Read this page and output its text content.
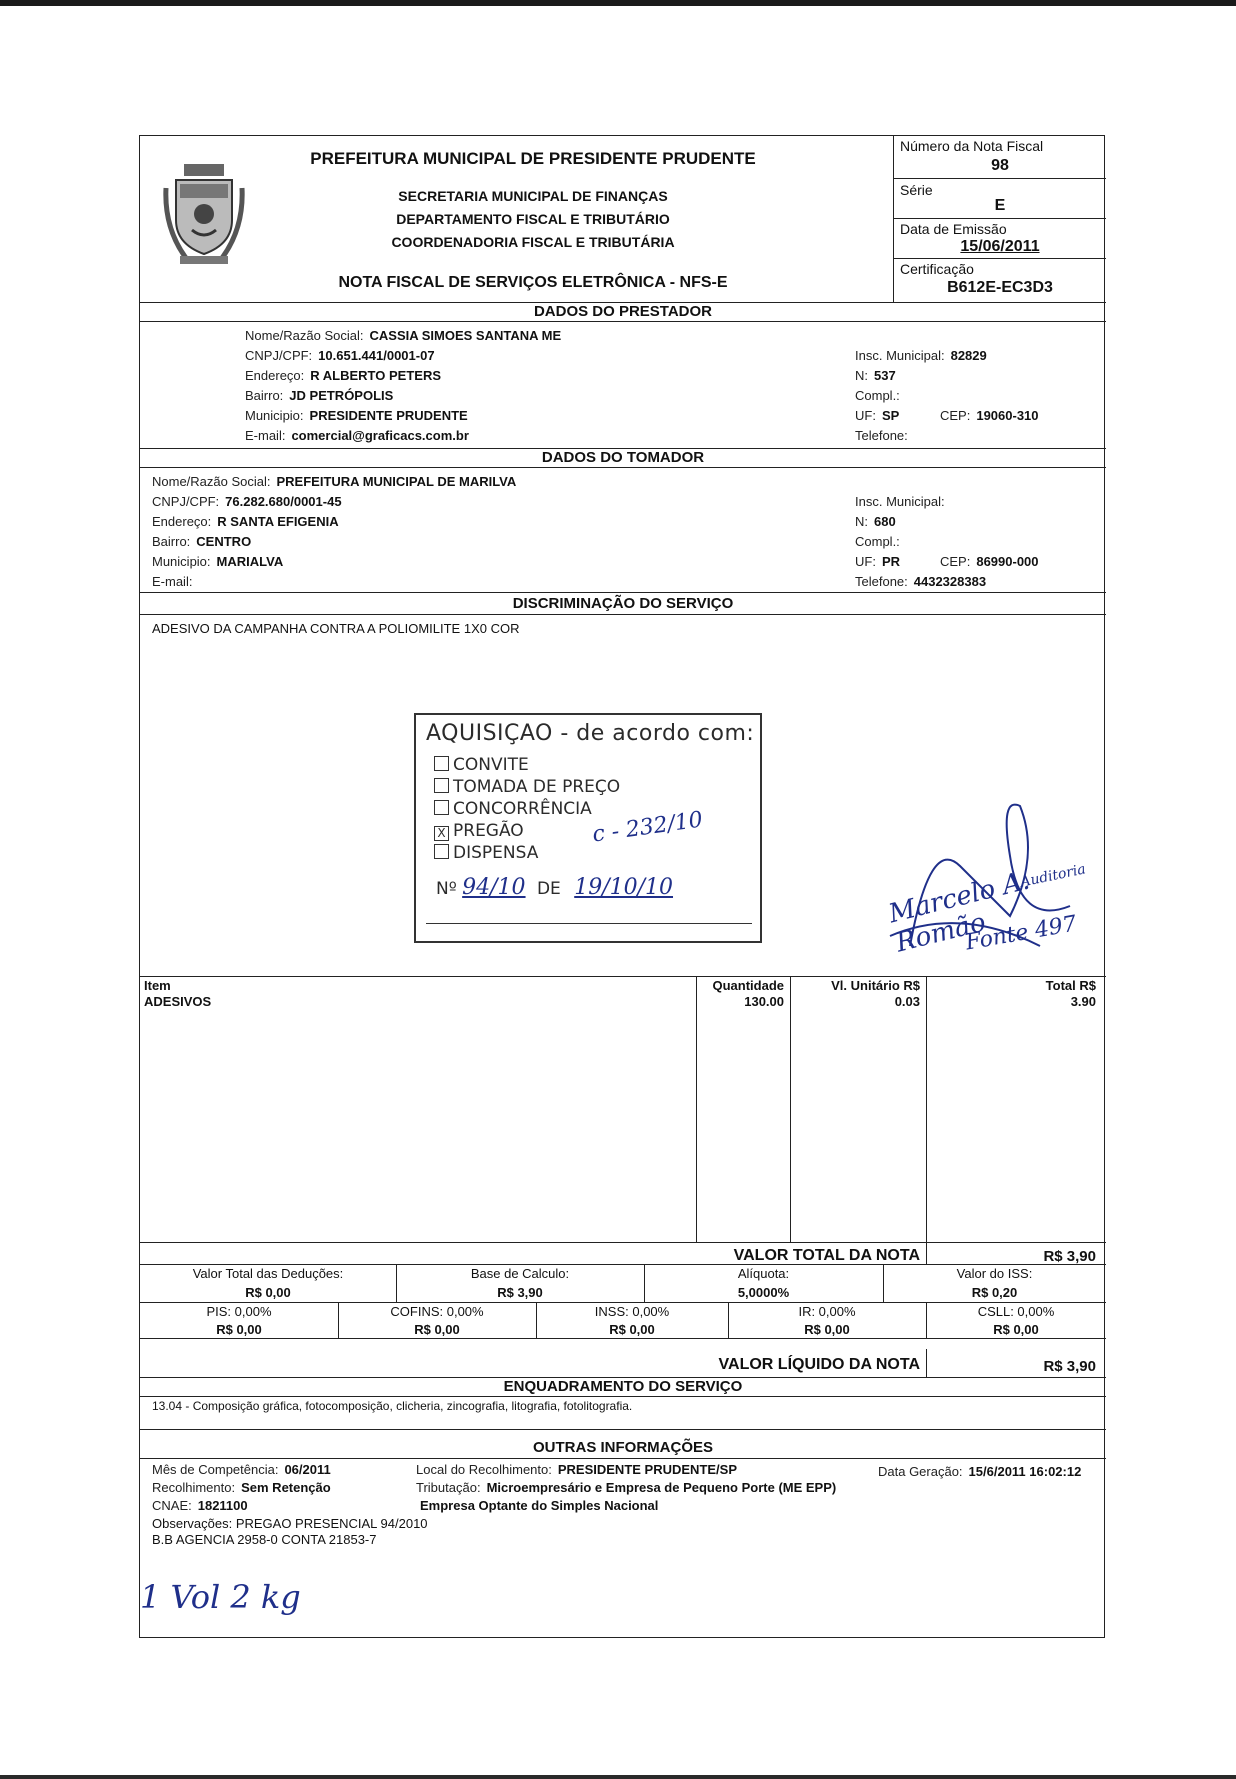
PREFEITURA MUNICIPAL DE PRESIDENTE PRUDENTE
SECRETARIA MUNICIPAL DE FINANÇAS
DEPARTAMENTO FISCAL E TRIBUTÁRIO
COORDENADORIA FISCAL E TRIBUTÁRIA
NOTA FISCAL DE SERVIÇOS ELETRÔNICA - NFS-E
Número da Nota Fiscal
98
Série
E
Data de Emissão
15/06/2011
Certificação
B612E-EC3D3
DADOS DO PRESTADOR
Nome/Razão Social: CASSIA SIMOES SANTANA ME
CNPJ/CPF: 10.651.441/0001-07
Endereço: R ALBERTO PETERS
Bairro: JD PETRÓPOLIS
Municipio: PRESIDENTE PRUDENTE
E-mail: comercial@graficacs.com.br
Insc. Municipal: 82829
N: 537
Compl.:
UF: SP	CEP: 19060-310
Telefone:
DADOS DO TOMADOR
Nome/Razão Social: PREFEITURA MUNICIPAL DE MARILVA
CNPJ/CPF: 76.282.680/0001-45
Endereço: R SANTA EFIGENIA
Bairro: CENTRO
Municipio: MARIALVA
E-mail:
Insc. Municipal:
N: 680
Compl.:
UF: PR	CEP: 86990-000
Telefone: 4432328383
DISCRIMINAÇÃO DO SERVIÇO
ADESIVO DA CAMPANHA CONTRA A POLIOMILITE 1X0 COR
Marcelo A. Romão
Auditoria
Fonte 497
Item	Quantidade	Vl. Unitário R$	Total R$
ADESIVOS	130.00	0.03	3.90
VALOR TOTAL DA NOTA	R$ 3,90
Valor Total das Deduções:
R$ 0,00
Base de Calculo:
R$ 3,90
Alíquota:
5,0000%
Valor do ISS:
R$ 0,20
PIS: 0,00%
R$ 0,00
COFINS: 0,00%
R$ 0,00
INSS: 0,00%
R$ 0,00
IR: 0,00%
R$ 0,00
CSLL: 0,00%
R$ 0,00
VALOR LÍQUIDO DA NOTA	R$ 3,90
ENQUADRAMENTO DO SERVIÇO
13.04 - Composição gráfica, fotocomposição, clicheria, zincografia, litografia, fotolitografia.
OUTRAS INFORMAÇÕES
Mês de Competência: 06/2011
Recolhimento: Sem Retenção
CNAE: 1821100
Observações: PREGAO PRESENCIAL 94/2010
B.B AGENCIA 2958-0 CONTA 21853-7
Local do Recolhimento: PRESIDENTE PRUDENTE/SP
Tributação: Microempresário e Empresa de Pequeno Porte (ME EPP)
Empresa Optante do Simples Nacional
Data Geração: 15/6/2011 16:02:12
1 Vol 2 kg
AQUISIÇAO - de acordo com:
CONVITE
TOMADA DE PREÇO
CONCORRÊNCIA
X PREGÃO
DISPENSA
c - 232/10
Nº 94/10 DE 19/10/10
